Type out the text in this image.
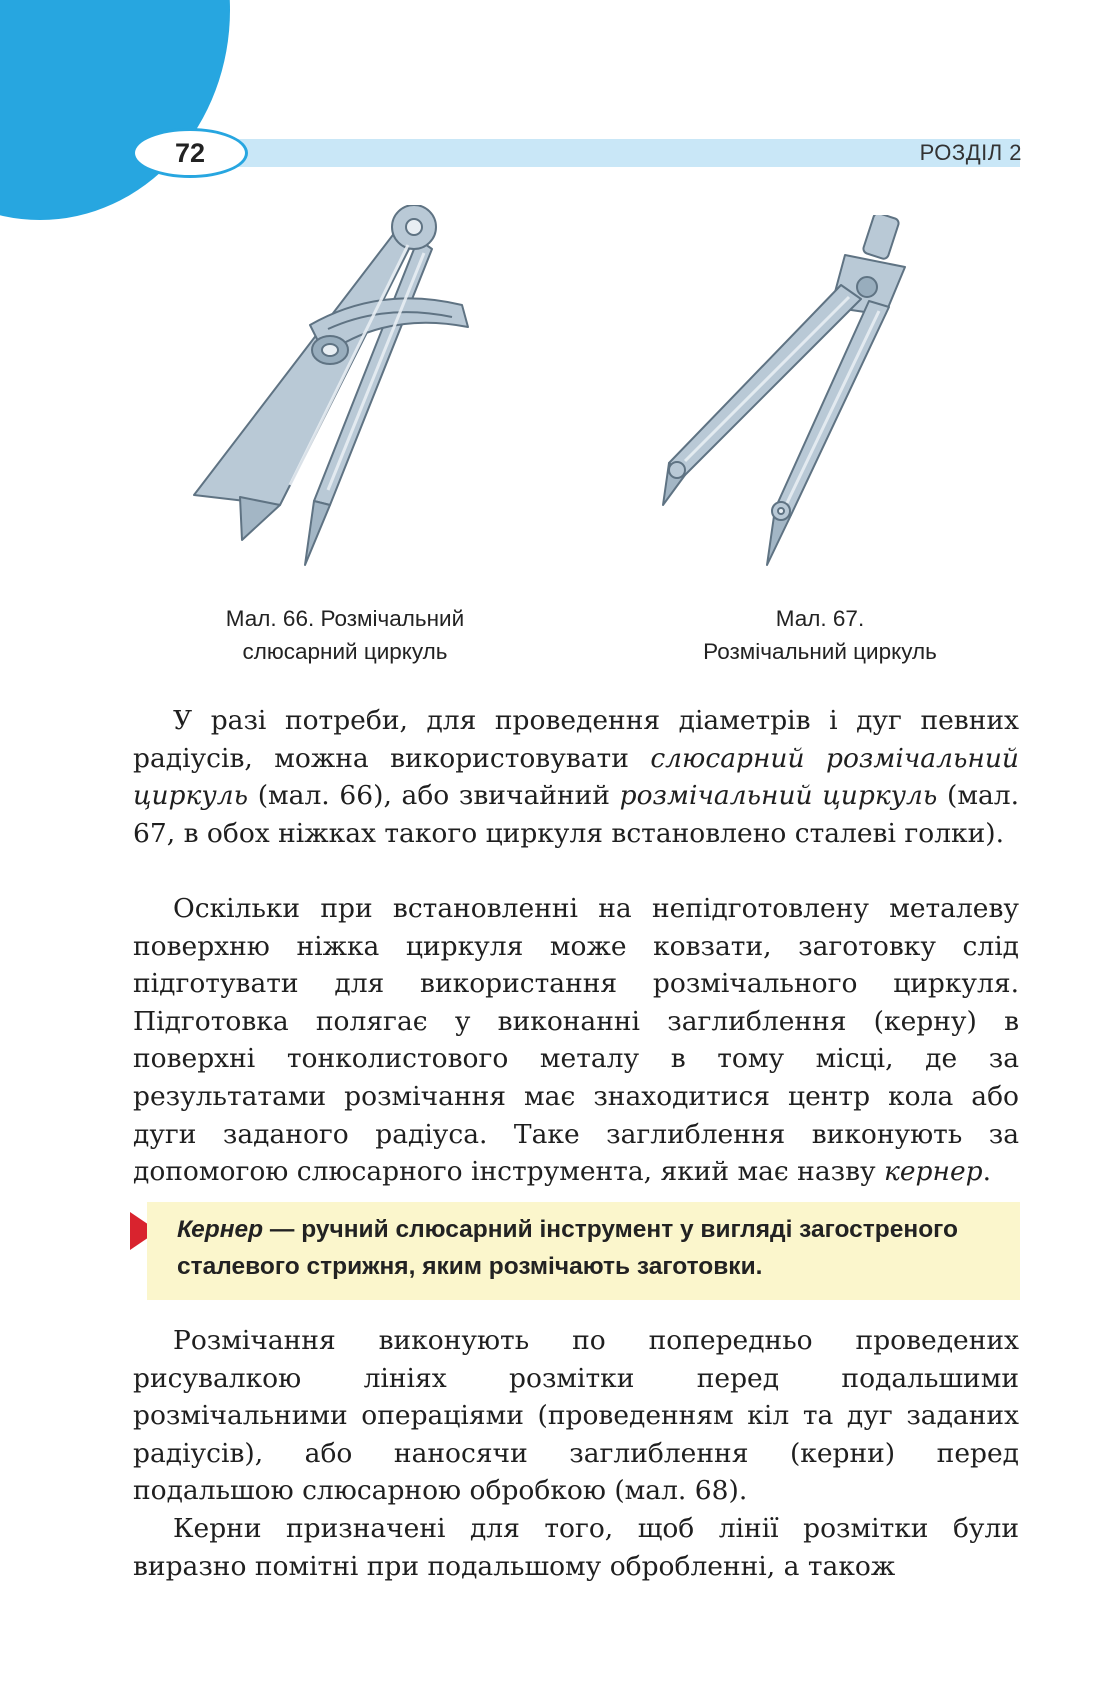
72	РОЗДІЛ 2
Мал. 66. Розмічальний
слюсарний циркуль
Мал. 67.
Розмічальний циркуль

У разі потреби, для проведення діаметрів і дуг певних радіусів, можна використовувати слюсарний розмічальний циркуль (мал. 66), або звичайний розмічальний циркуль (мал. 67, в обох ніжках такого циркуля встановлено сталеві голки).

Оскільки при встановленні на непідготовлену металеву поверхню ніжка циркуля може ковзати, заготовку слід підготувати для використання розмічального циркуля. Підготовка полягає у виконанні заглиблення (керну) в поверхні тонколистового металу в тому місці, де за результатами розмічання має знаходитися центр кола або дуги заданого радіуса. Таке заглиблення виконують за допомогою слюсарного інструмента, який має назву кернер.

Кернер — ручний слюсарний інструмент у вигляді загостреного сталевого стрижня, яким розмічають заготовки.

Розмічання виконують по попередньо проведених рисувалкою лініях розмітки перед подальшими розмічальними операціями (проведенням кіл та дуг заданих радіусів), або наносячи заглиблення (керни) перед подальшою слюсарною обробкою (мал. 68).

Керни призначені для того, щоб лінії розмітки були виразно помітні при подальшому обробленні, а також
